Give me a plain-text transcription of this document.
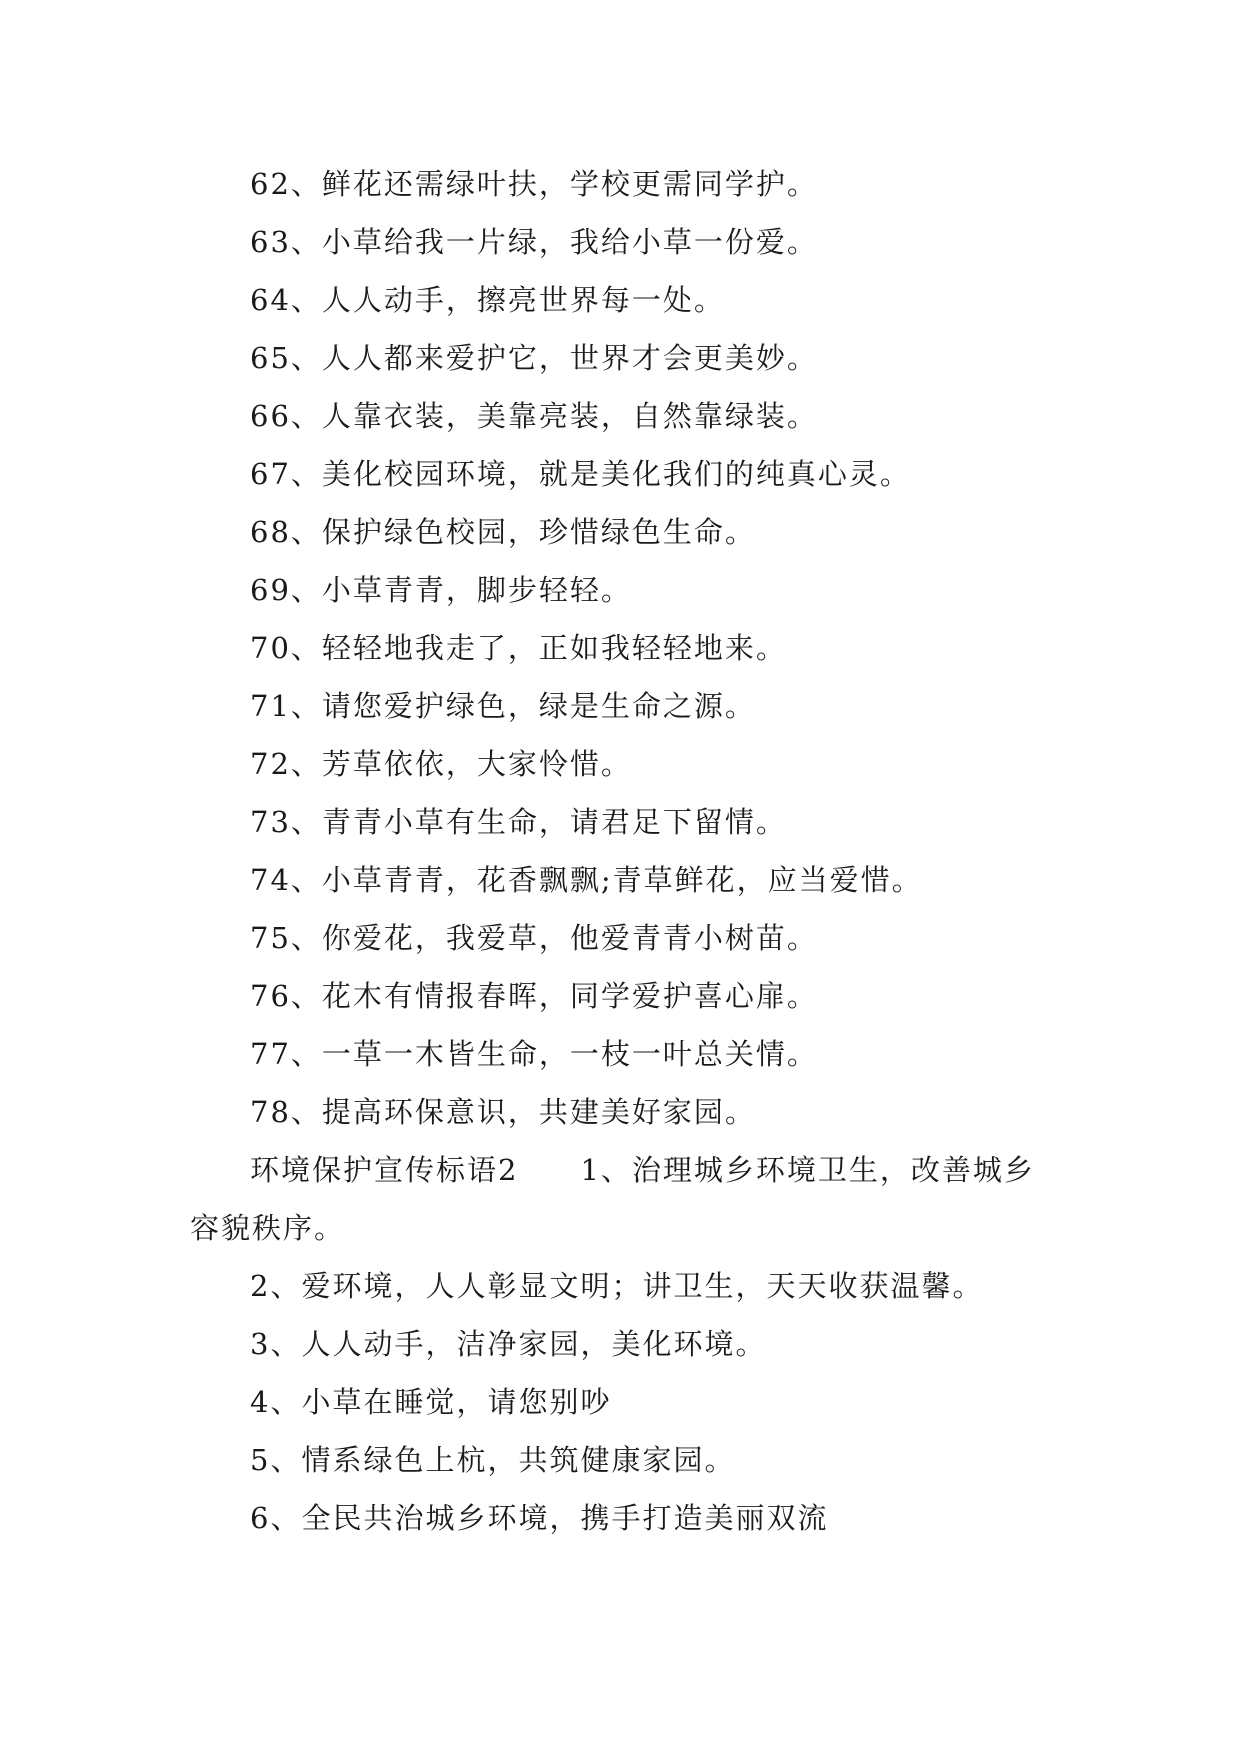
62、鲜花还需绿叶扶，学校更需同学护。
63、小草给我一片绿，我给小草一份爱。
64、人人动手，擦亮世界每一处。
65、人人都来爱护它，世界才会更美妙。
66、人靠衣装，美靠亮装，自然靠绿装。
67、美化校园环境，就是美化我们的纯真心灵。
68、保护绿色校园，珍惜绿色生命。
69、小草青青，脚步轻轻。
70、轻轻地我走了，正如我轻轻地来。
71、请您爱护绿色，绿是生命之源。
72、芳草依依，大家怜惜。
73、青青小草有生命，请君足下留情。
74、小草青青，花香飘飘;青草鲜花，应当爱惜。
75、你爱花，我爱草，他爱青青小树苗。
76、花木有情报春晖，同学爱护喜心扉。
77、一草一木皆生命，一枝一叶总关情。
78、提高环保意识，共建美好家园。
环境保护宣传标语2　　1、治理城乡环境卫生，改善城乡容貌秩序。
2、爱环境，人人彰显文明；讲卫生，天天收获温馨。
3、人人动手，洁净家园，美化环境。
4、小草在睡觉，请您别吵
5、情系绿色上杭，共筑健康家园。
6、全民共治城乡环境，携手打造美丽双流
